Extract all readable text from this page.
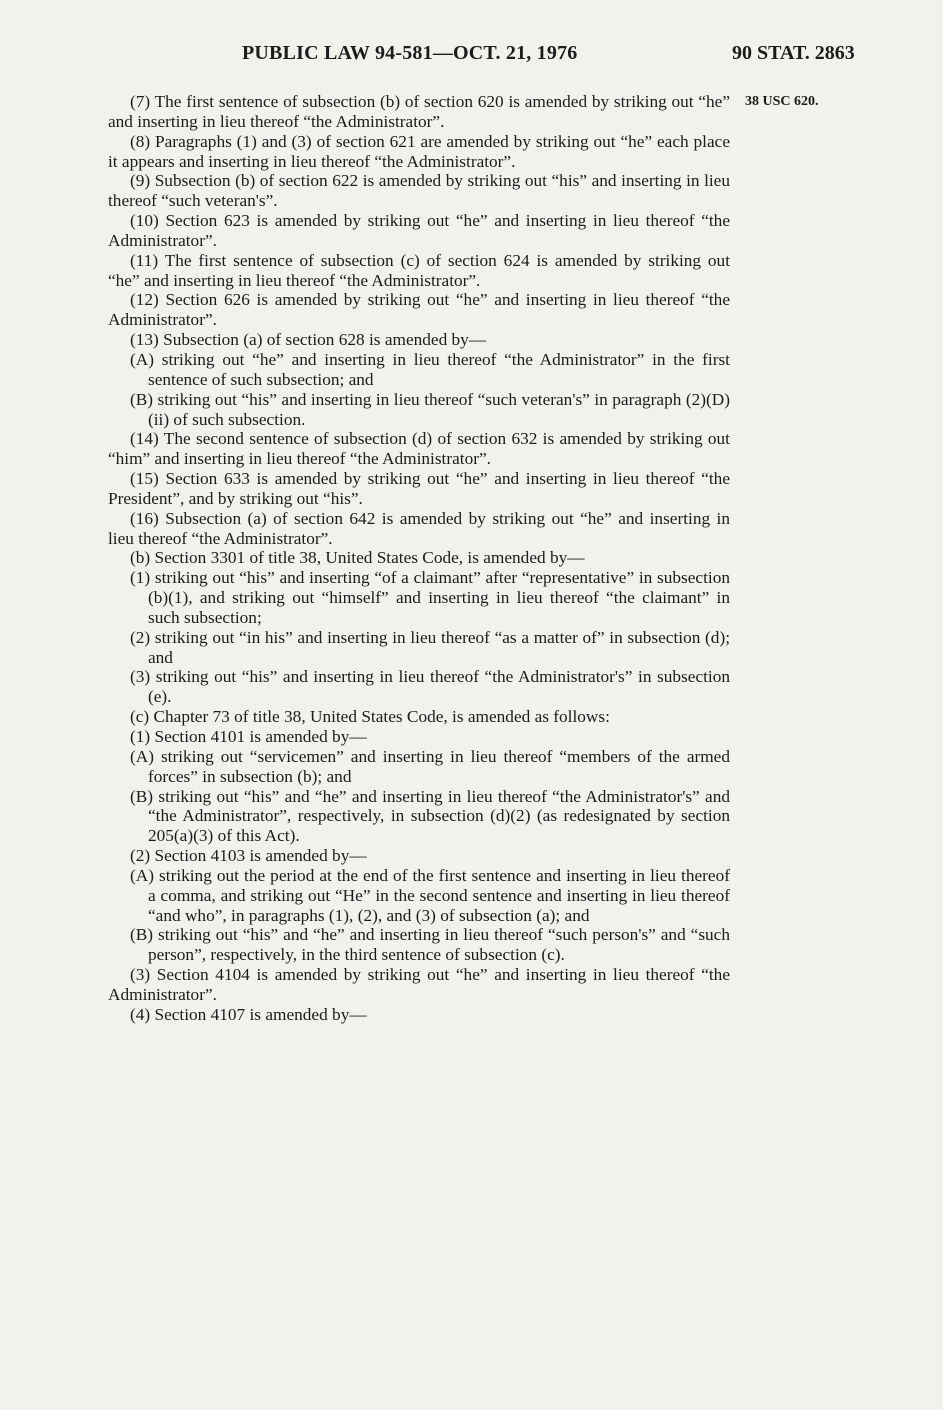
PUBLIC LAW 94-581—OCT. 21, 1976	90 STAT. 2863
38 USC 620.

(7) The first sentence of subsection (b) of section 620 is amended by striking out “he” and inserting in lieu thereof “the Administrator”.

(8) Paragraphs (1) and (3) of section 621 are amended by striking out “he” each place it appears and inserting in lieu thereof “the Administrator”.

(9) Subsection (b) of section 622 is amended by striking out “his” and inserting in lieu thereof “such veteran's”.

(10) Section 623 is amended by striking out “he” and inserting in lieu thereof “the Administrator”.

(11) The first sentence of subsection (c) of section 624 is amended by striking out “he” and inserting in lieu thereof “the Administrator”.

(12) Section 626 is amended by striking out “he” and inserting in lieu thereof “the Administrator”.

(13) Subsection (a) of section 628 is amended by—

(A) striking out “he” and inserting in lieu thereof “the Administrator” in the first sentence of such subsection; and

(B) striking out “his” and inserting in lieu thereof “such veteran's” in paragraph (2)(D)(ii) of such subsection.

(14) The second sentence of subsection (d) of section 632 is amended by striking out “him” and inserting in lieu thereof “the Administrator”.

(15) Section 633 is amended by striking out “he” and inserting in lieu thereof “the President”, and by striking out “his”.

(16) Subsection (a) of section 642 is amended by striking out “he” and inserting in lieu thereof “the Administrator”.

(b) Section 3301 of title 38, United States Code, is amended by—

(1) striking out “his” and inserting “of a claimant” after “representative” in subsection (b)(1), and striking out “himself” and inserting in lieu thereof “the claimant” in such subsection;

(2) striking out “in his” and inserting in lieu thereof “as a matter of” in subsection (d); and

(3) striking out “his” and inserting in lieu thereof “the Administrator's” in subsection (e).

(c) Chapter 73 of title 38, United States Code, is amended as follows:

(1) Section 4101 is amended by—

(A) striking out “servicemen” and inserting in lieu thereof “members of the armed forces” in subsection (b); and

(B) striking out “his” and “he” and inserting in lieu thereof “the Administrator's” and “the Administrator”, respectively, in subsection (d)(2) (as redesignated by section 205(a)(3) of this Act).

(2) Section 4103 is amended by—

(A) striking out the period at the end of the first sentence and inserting in lieu thereof a comma, and striking out “He” in the second sentence and inserting in lieu thereof “and who”, in paragraphs (1), (2), and (3) of subsection (a); and

(B) striking out “his” and “he” and inserting in lieu thereof “such person's” and “such person”, respectively, in the third sentence of subsection (c).

(3) Section 4104 is amended by striking out “he” and inserting in lieu thereof “the Administrator”.

(4) Section 4107 is amended by—
